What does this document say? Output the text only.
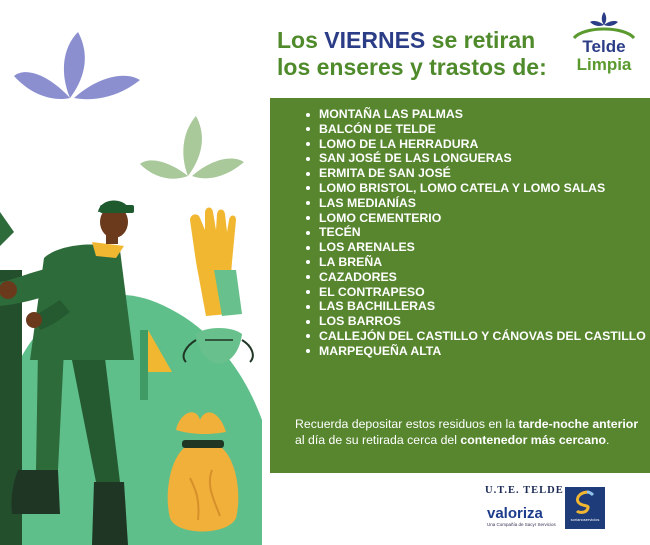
Los VIERNES se retiran los enseres y trastos de:
Telde
Limpia
MONTAÑA LAS PALMAS
BALCÓN DE TELDE
LOMO DE LA HERRADURA
SAN JOSÉ DE LAS LONGUERAS
ERMITA DE SAN JOSÉ
LOMO BRISTOL, LOMO CATELA Y LOMO SALAS
LAS MEDIANÍAS
LOMO CEMENTERIO
TECÉN
LOS ARENALES
LA BREÑA
CAZADORES
EL CONTRAPESO
LAS BACHILLERAS
LOS BARROS
CALLEJÓN DEL CASTILLO Y CÁNOVAS DEL CASTILLO
MARPEQUEÑA ALTA

Recuerda depositar estos residuos en la tarde-noche anterior al día de su retirada cerca del contenedor más cercano.

U.T.E. TELDE
valoriza
Una Compañía de Sacyr Servicios
sorianoservicios
